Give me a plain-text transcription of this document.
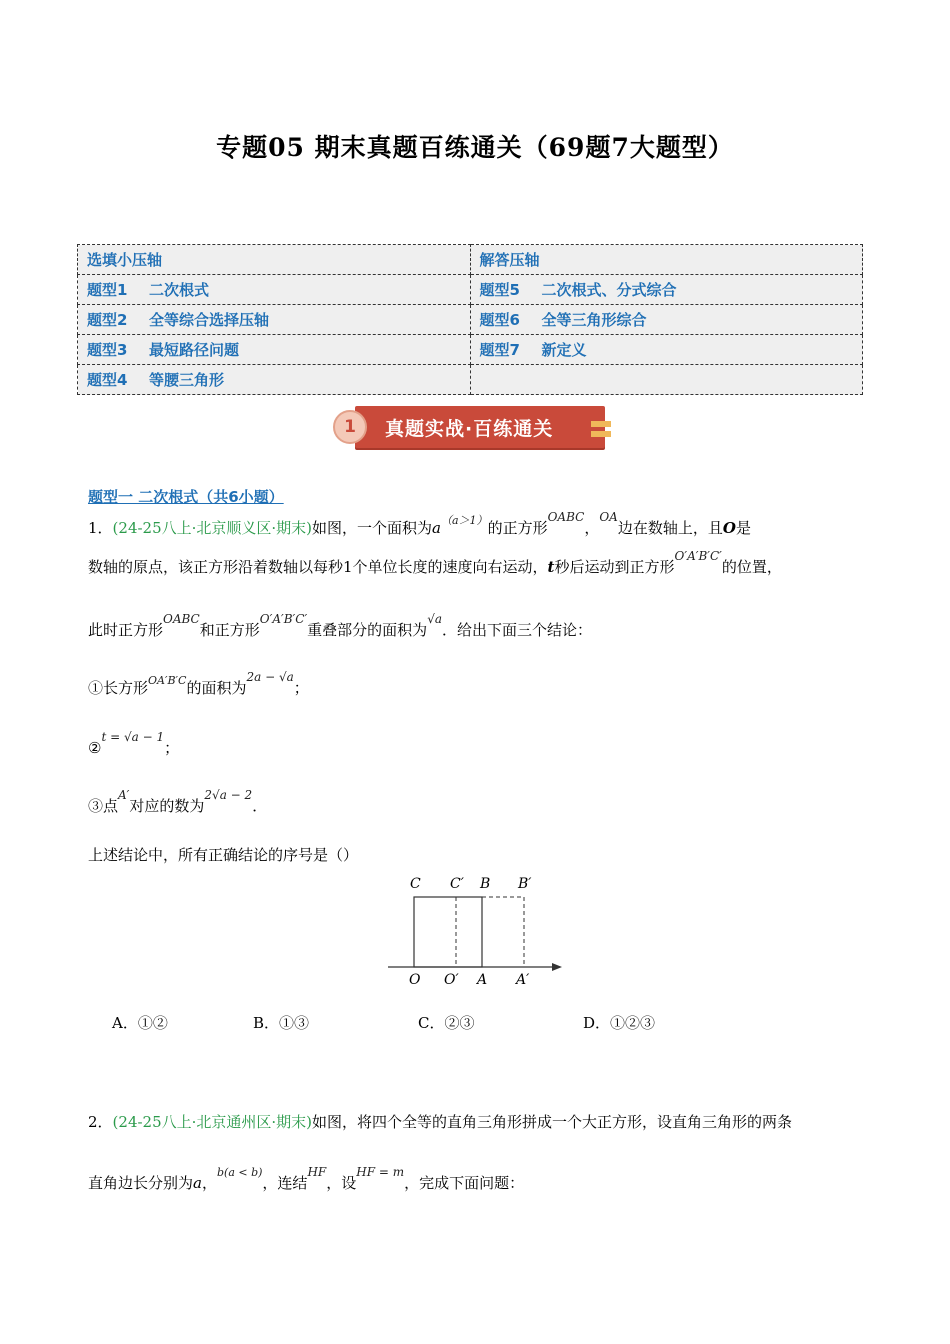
专题05 期末真题百练通关（69题7大题型）
选填小压轴	解答压轴
题型1 二次根式	题型5 二次根式、分式综合
题型2 全等综合选择压轴	题型6 全等三角形综合
题型3 最短路径问题	题型7 新定义
题型4 等腰三角形	
1	真题实战·百练通关
题型一 二次根式（共6小题）
1．(24-25八上·北京顺义区·期末)如图，一个面积为$a^{(a>1)}$的正方形$^{OABC}$，$^{OA}$边在数轴上，且O是
数轴的原点，该正方形沿着数轴以每秒1个单位长度的速度向右运动，t秒后运动到正方形$^{O'A'B'C'}$的位置，
此时正方形$^{OABC}$和正方形$^{O'A'B'C'}$重叠部分的面积为$^{√a}$．给出下面三个结论：
①长方形$^{OA'B'C}$的面积为$^{2a - √a}$；
②$^{t = √a - 1}$；
③点$^{A'}$对应的数为$^{2√a - 2}$．
上述结论中，所有正确结论的序号是（）
C C′ B B′
O O′ A A′
A．①②	B．①③	C．②③	D．①②③
2．(24-25八上·北京通州区·期末)如图，将四个全等的直角三角形拼成一个大正方形，设直角三角形的两条
直角边长分别为a，$^{b(a < b)}$，连结$^{HF}$，设$^{HF = m}$，完成下面问题：
